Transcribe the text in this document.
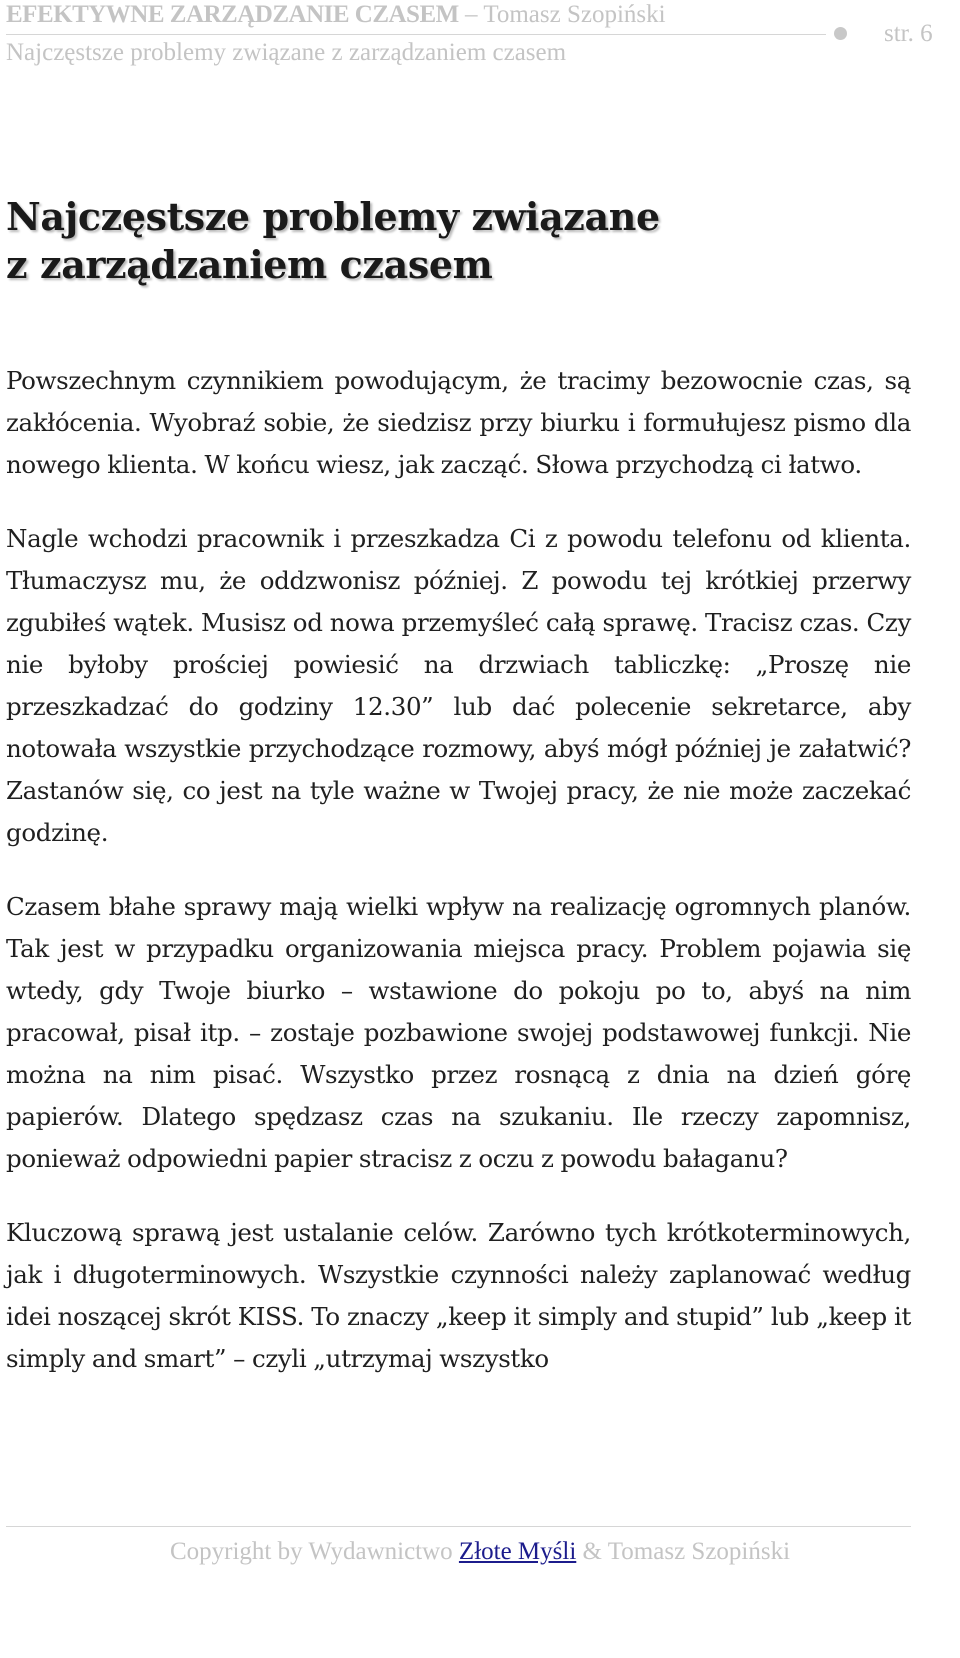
EFEKTYWNE ZARZĄDZANIE CZASEM – Tomasz Szopiński
Najczęstsze problemy związane z zarządzaniem czasem
str. 6
Najczęstsze problemy związane
z zarządzaniem czasem

Powszechnym czynnikiem powodującym, że tracimy bezowocnie czas, są zakłócenia. Wyobraź sobie, że siedzisz przy biurku i formułujesz pismo dla nowego klienta. W końcu wiesz, jak zacząć. Słowa przychodzą ci łatwo.

Nagle wchodzi pracownik i przeszkadza Ci z powodu telefonu od klienta. Tłumaczysz mu, że oddzwonisz później. Z powodu tej krótkiej przerwy zgubiłeś wątek. Musisz od nowa przemyśleć całą sprawę. Tracisz czas. Czy nie byłoby prościej powiesić na drzwiach tabliczkę: „Proszę nie przeszkadzać do godziny 12.30” lub dać polecenie sekretarce, aby notowała wszystkie przychodzące rozmowy, abyś mógł później je załatwić? Zastanów się, co jest na tyle ważne w Twojej pracy, że nie może zaczekać godzinę.

Czasem błahe sprawy mają wielki wpływ na realizację ogromnych planów. Tak jest w przypadku organizowania miejsca pracy. Problem pojawia się wtedy, gdy Twoje biurko – wstawione do pokoju po to, abyś na nim pracował, pisał itp. – zostaje pozbawione swojej podstawowej funkcji. Nie można na nim pisać. Wszystko przez rosnącą z dnia na dzień górę papierów. Dlatego spędzasz czas na szukaniu. Ile rzeczy zapomnisz, ponieważ odpowiedni papier stracisz z oczu z powodu bałaganu?

Kluczową sprawą jest ustalanie celów. Zarówno tych krótkoterminowych, jak i długoterminowych. Wszystkie czynności należy zaplanować według idei noszącej skrót KISS. To znaczy „keep it simply and stupid” lub „keep it simply and smart” – czyli „utrzymaj wszystko

Copyright by Wydawnictwo Złote Myśli & Tomasz Szopiński
